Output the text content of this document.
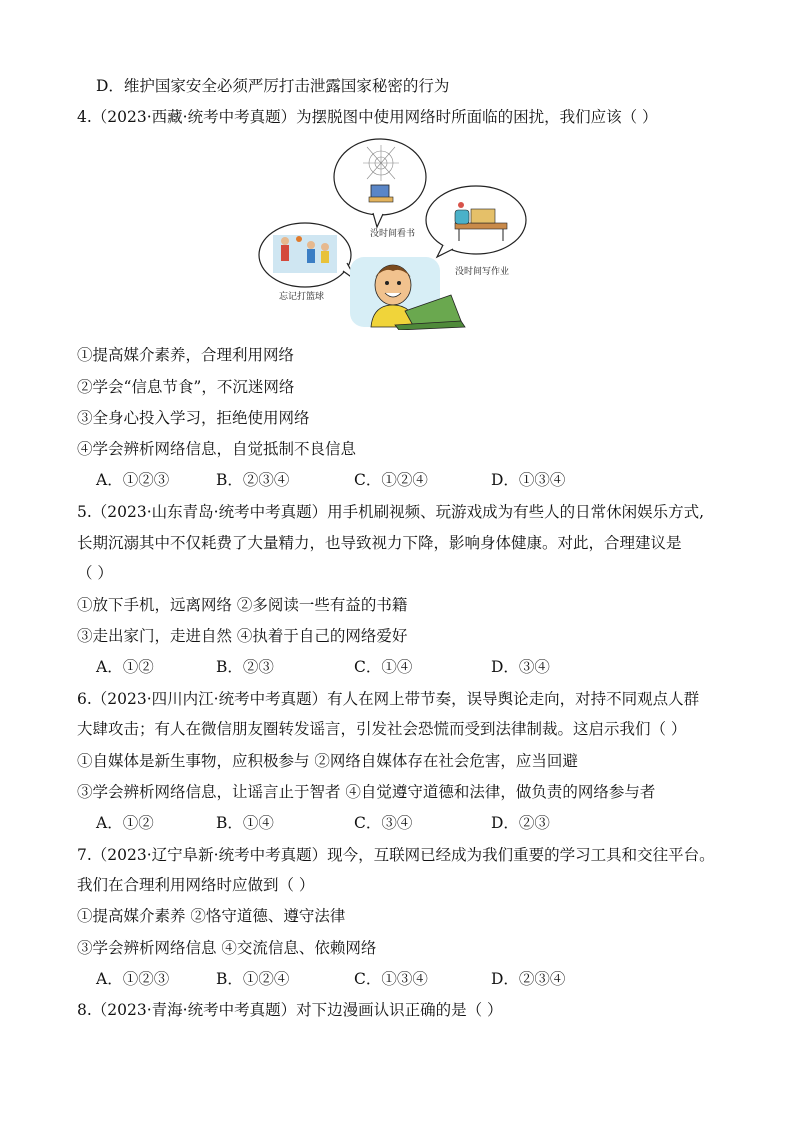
D．维护国家安全必须严厉打击泄露国家秘密的行为
4.（2023·西藏·统考中考真题）为摆脱图中使用网络时所面临的困扰，我们应该（ ）
没时间看书
没时间写作业
忘记打篮球
①提高媒介素养，合理利用网络
②学会“信息节食”，不沉迷网络
③全身心投入学习，拒绝使用网络
④学会辨析网络信息，自觉抵制不良信息
A．①②③	B．②③④	C．①②④	D．①③④
5.（2023·山东青岛·统考中考真题）用手机刷视频、玩游戏成为有些人的日常休闲娱乐方式,
长期沉溺其中不仅耗费了大量精力，也导致视力下降，影响身体健康。对此，合理建议是
（ ）
①放下手机，远离网络 ②多阅读一些有益的书籍
③走出家门，走进自然 ④执着于自己的网络爱好
A．①②	B．②③	C．①④	D．③④
6.（2023·四川内江·统考中考真题）有人在网上带节奏，误导舆论走向，对持不同观点人群
大肆攻击；有人在微信朋友圈转发谣言，引发社会恐慌而受到法律制裁。这启示我们（ ）
①自媒体是新生事物，应积极参与 ②网络自媒体存在社会危害，应当回避
③学会辨析网络信息，让谣言止于智者 ④自觉遵守道德和法律，做负责的网络参与者
A．①②	B．①④	C．③④	D．②③
7.（2023·辽宁阜新·统考中考真题）现今，互联网已经成为我们重要的学习工具和交往平台。
我们在合理利用网络时应做到（ ）
①提高媒介素养 ②恪守道德、遵守法律
③学会辨析网络信息 ④交流信息、依赖网络
A．①②③	B．①②④	C．①③④	D．②③④
8.（2023·青海·统考中考真题）对下边漫画认识正确的是（ ）
